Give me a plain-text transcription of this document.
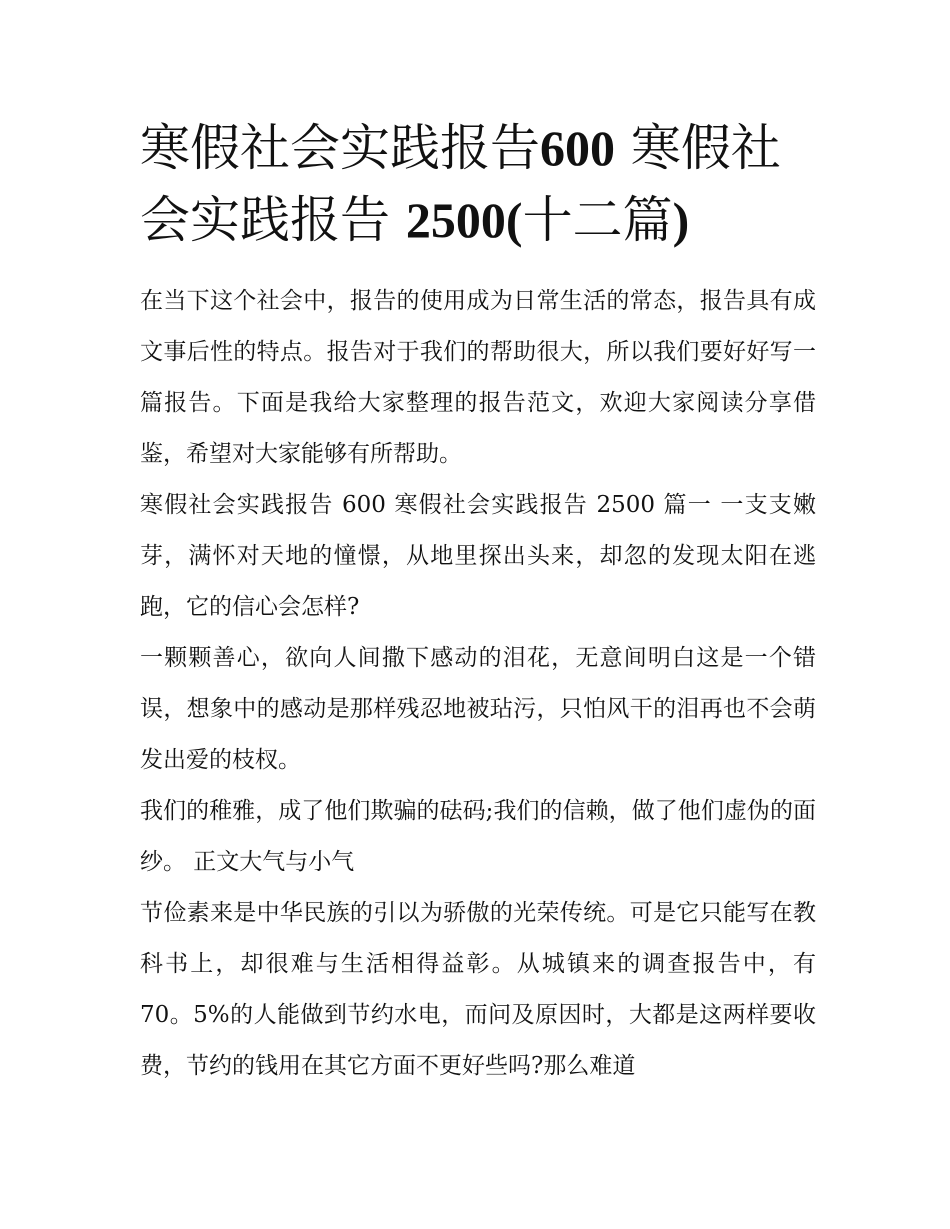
寒假社会实践报告600 寒假社会实践报告 2500(十二篇)

在当下这个社会中，报告的使用成为日常生活的常态，报告具有成文事后性的特点。报告对于我们的帮助很大，所以我们要好好写一篇报告。下面是我给大家整理的报告范文，欢迎大家阅读分享借鉴，希望对大家能够有所帮助。

寒假社会实践报告 600 寒假社会实践报告 2500 篇一 一支支嫩芽，满怀对天地的憧憬，从地里探出头来，却忽的发现太阳在逃跑，它的信心会怎样?

一颗颗善心，欲向人间撒下感动的泪花，无意间明白这是一个错误，想象中的感动是那样残忍地被玷污，只怕风干的泪再也不会萌发出爱的枝杈。

我们的稚雅，成了他们欺骗的砝码;我们的信赖，做了他们虚伪的面纱。 正文大气与小气

节俭素来是中华民族的引以为骄傲的光荣传统。可是它只能写在教科书上，却很难与生活相得益彰。从城镇来的调查报告中，有 70。5%的人能做到节约水电，而问及原因时，大都是这两样要收费，节约的钱用在其它方面不更好些吗?那么难道
